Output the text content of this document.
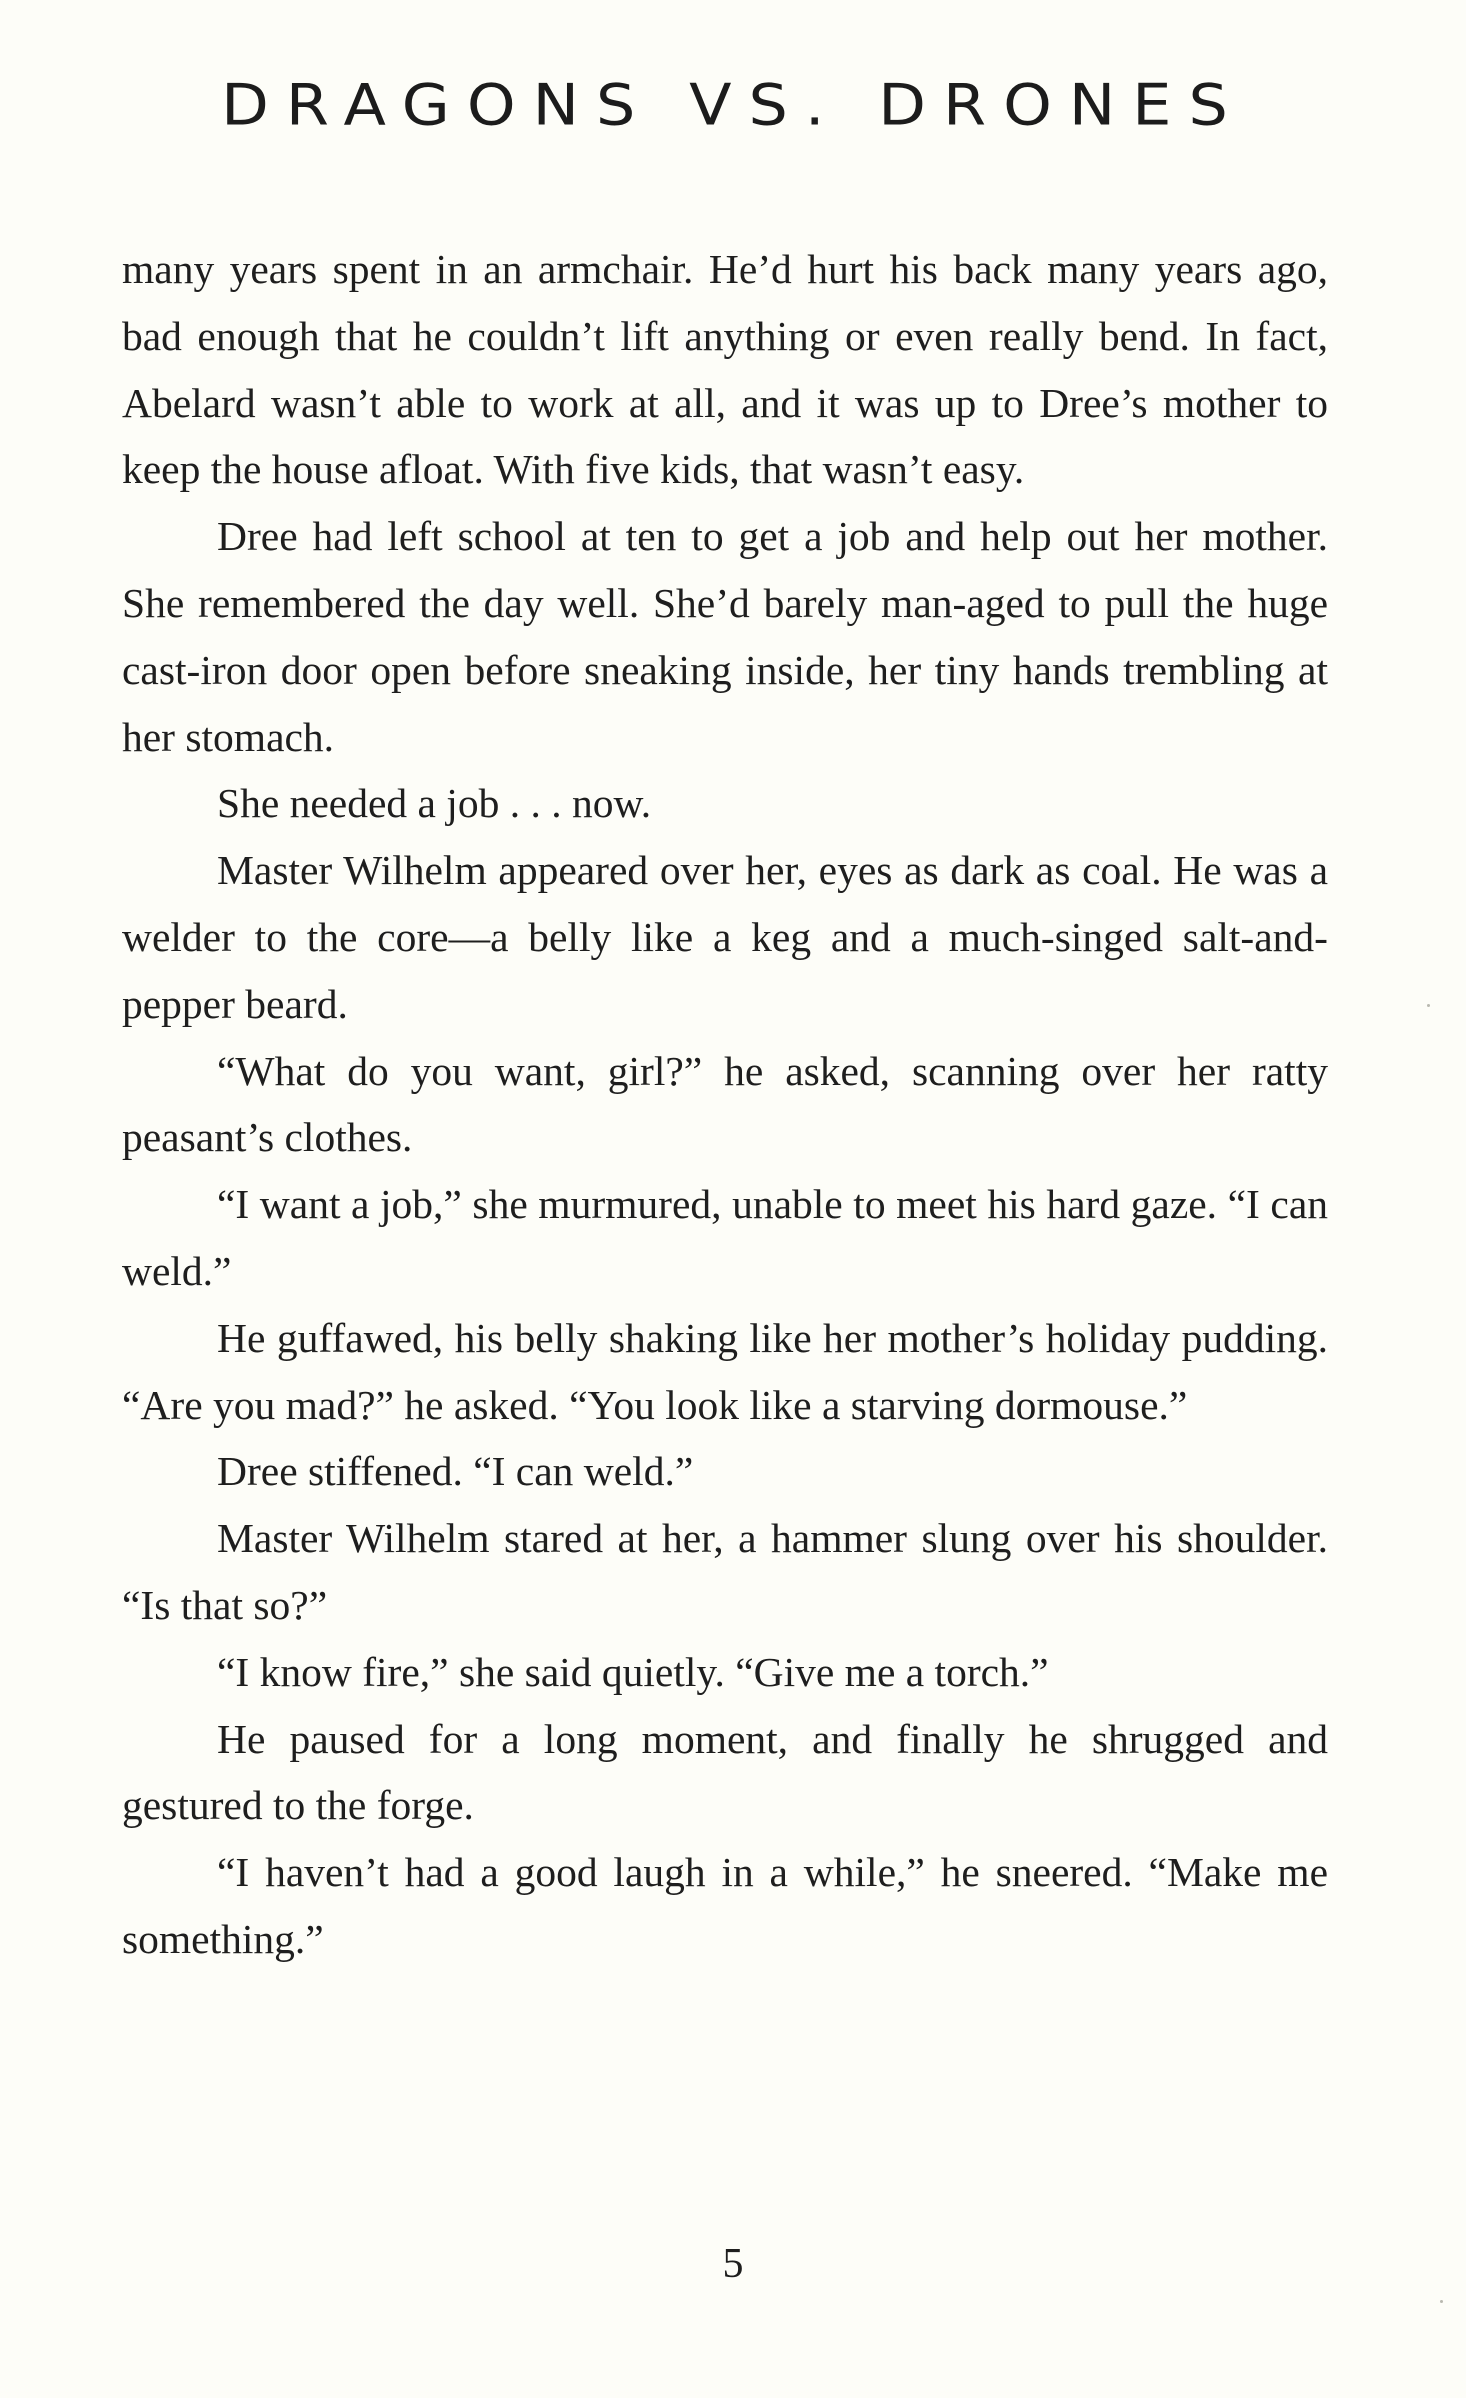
DRAGONS VS. DRONES

many years spent in an armchair. He’d hurt his back many years ago, bad enough that he couldn’t lift anything or even really bend. In fact, Abelard wasn’t able to work at all, and it was up to Dree’s mother to keep the house afloat. With five kids, that wasn’t easy.

Dree had left school at ten to get a job and help out her mother. She remembered the day well. She’d barely man-aged to pull the huge cast-iron door open before sneaking inside, her tiny hands trembling at her stomach.

She needed a job . . . now.

Master Wilhelm appeared over her, eyes as dark as coal. He was a welder to the core—a belly like a keg and a much-singed salt-and-pepper beard.

“What do you want, girl?” he asked, scanning over her ratty peasant’s clothes.

“I want a job,” she murmured, unable to meet his hard gaze. “I can weld.”

He guffawed, his belly shaking like her mother’s holiday pudding. “Are you mad?” he asked. “You look like a starving dormouse.”

Dree stiffened. “I can weld.”

Master Wilhelm stared at her, a hammer slung over his shoulder. “Is that so?”

“I know fire,” she said quietly. “Give me a torch.”

He paused for a long moment, and finally he shrugged and gestured to the forge.

“I haven’t had a good laugh in a while,” he sneered. “Make me something.”

5
